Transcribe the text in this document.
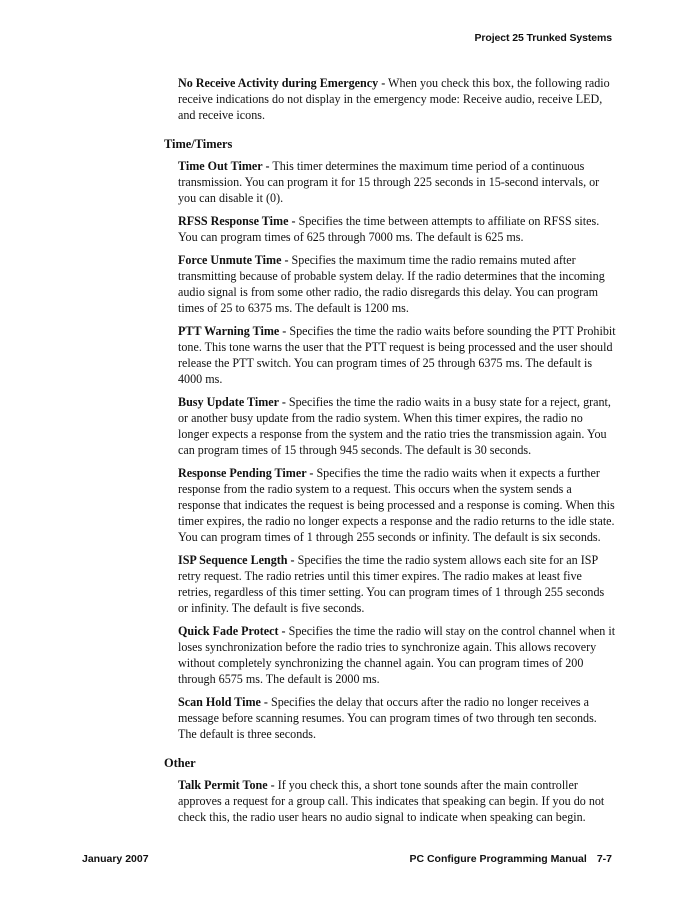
Project 25 Trunked Systems

No Receive Activity during Emergency - When you check this box, the following radio receive indications do not display in the emergency mode: Receive audio, receive LED, and receive icons.

Time/Timers

Time Out Timer - This timer determines the maximum time period of a continuous transmission. You can program it for 15 through 225 seconds in 15-second intervals, or you can disable it (0).

RFSS Response Time - Specifies the time between attempts to affiliate on RFSS sites. You can program times of 625 through 7000 ms. The default is 625 ms.

Force Unmute Time - Specifies the maximum time the radio remains muted after transmitting because of probable system delay. If the radio determines that the incoming audio signal is from some other radio, the radio disregards this delay. You can program times of 25 to 6375 ms. The default is 1200 ms.

PTT Warning Time - Specifies the time the radio waits before sounding the PTT Prohibit tone. This tone warns the user that the PTT request is being processed and the user should release the PTT switch. You can program times of 25 through 6375 ms. The default is 4000 ms.

Busy Update Timer - Specifies the time the radio waits in a busy state for a reject, grant, or another busy update from the radio system. When this timer expires, the radio no longer expects a response from the system and the ratio tries the transmission again. You can program times of 15 through 945 seconds. The default is 30 seconds.

Response Pending Timer - Specifies the time the radio waits when it expects a further response from the radio system to a request. This occurs when the system sends a response that indicates the request is being processed and a response is coming. When this timer expires, the radio no longer expects a response and the radio returns to the idle state. You can program times of 1 through 255 seconds or infinity. The default is six seconds.

ISP Sequence Length - Specifies the time the radio system allows each site for an ISP retry request. The radio retries until this timer expires. The radio makes at least five retries, regardless of this timer setting. You can program times of 1 through 255 seconds or infinity. The default is five seconds.

Quick Fade Protect - Specifies the time the radio will stay on the control channel when it loses synchronization before the radio tries to synchronize again. This allows recovery without completely synchronizing the channel again. You can program times of 200 through 6575 ms. The default is 2000 ms.

Scan Hold Time - Specifies the delay that occurs after the radio no longer receives a message before scanning resumes. You can program times of two through ten seconds. The default is three seconds.

Other

Talk Permit Tone - If you check this, a short tone sounds after the main controller approves a request for a group call. This indicates that speaking can begin. If you do not check this, the radio user hears no audio signal to indicate when speaking can begin.

January 2007	PC Configure Programming Manual 7-7
